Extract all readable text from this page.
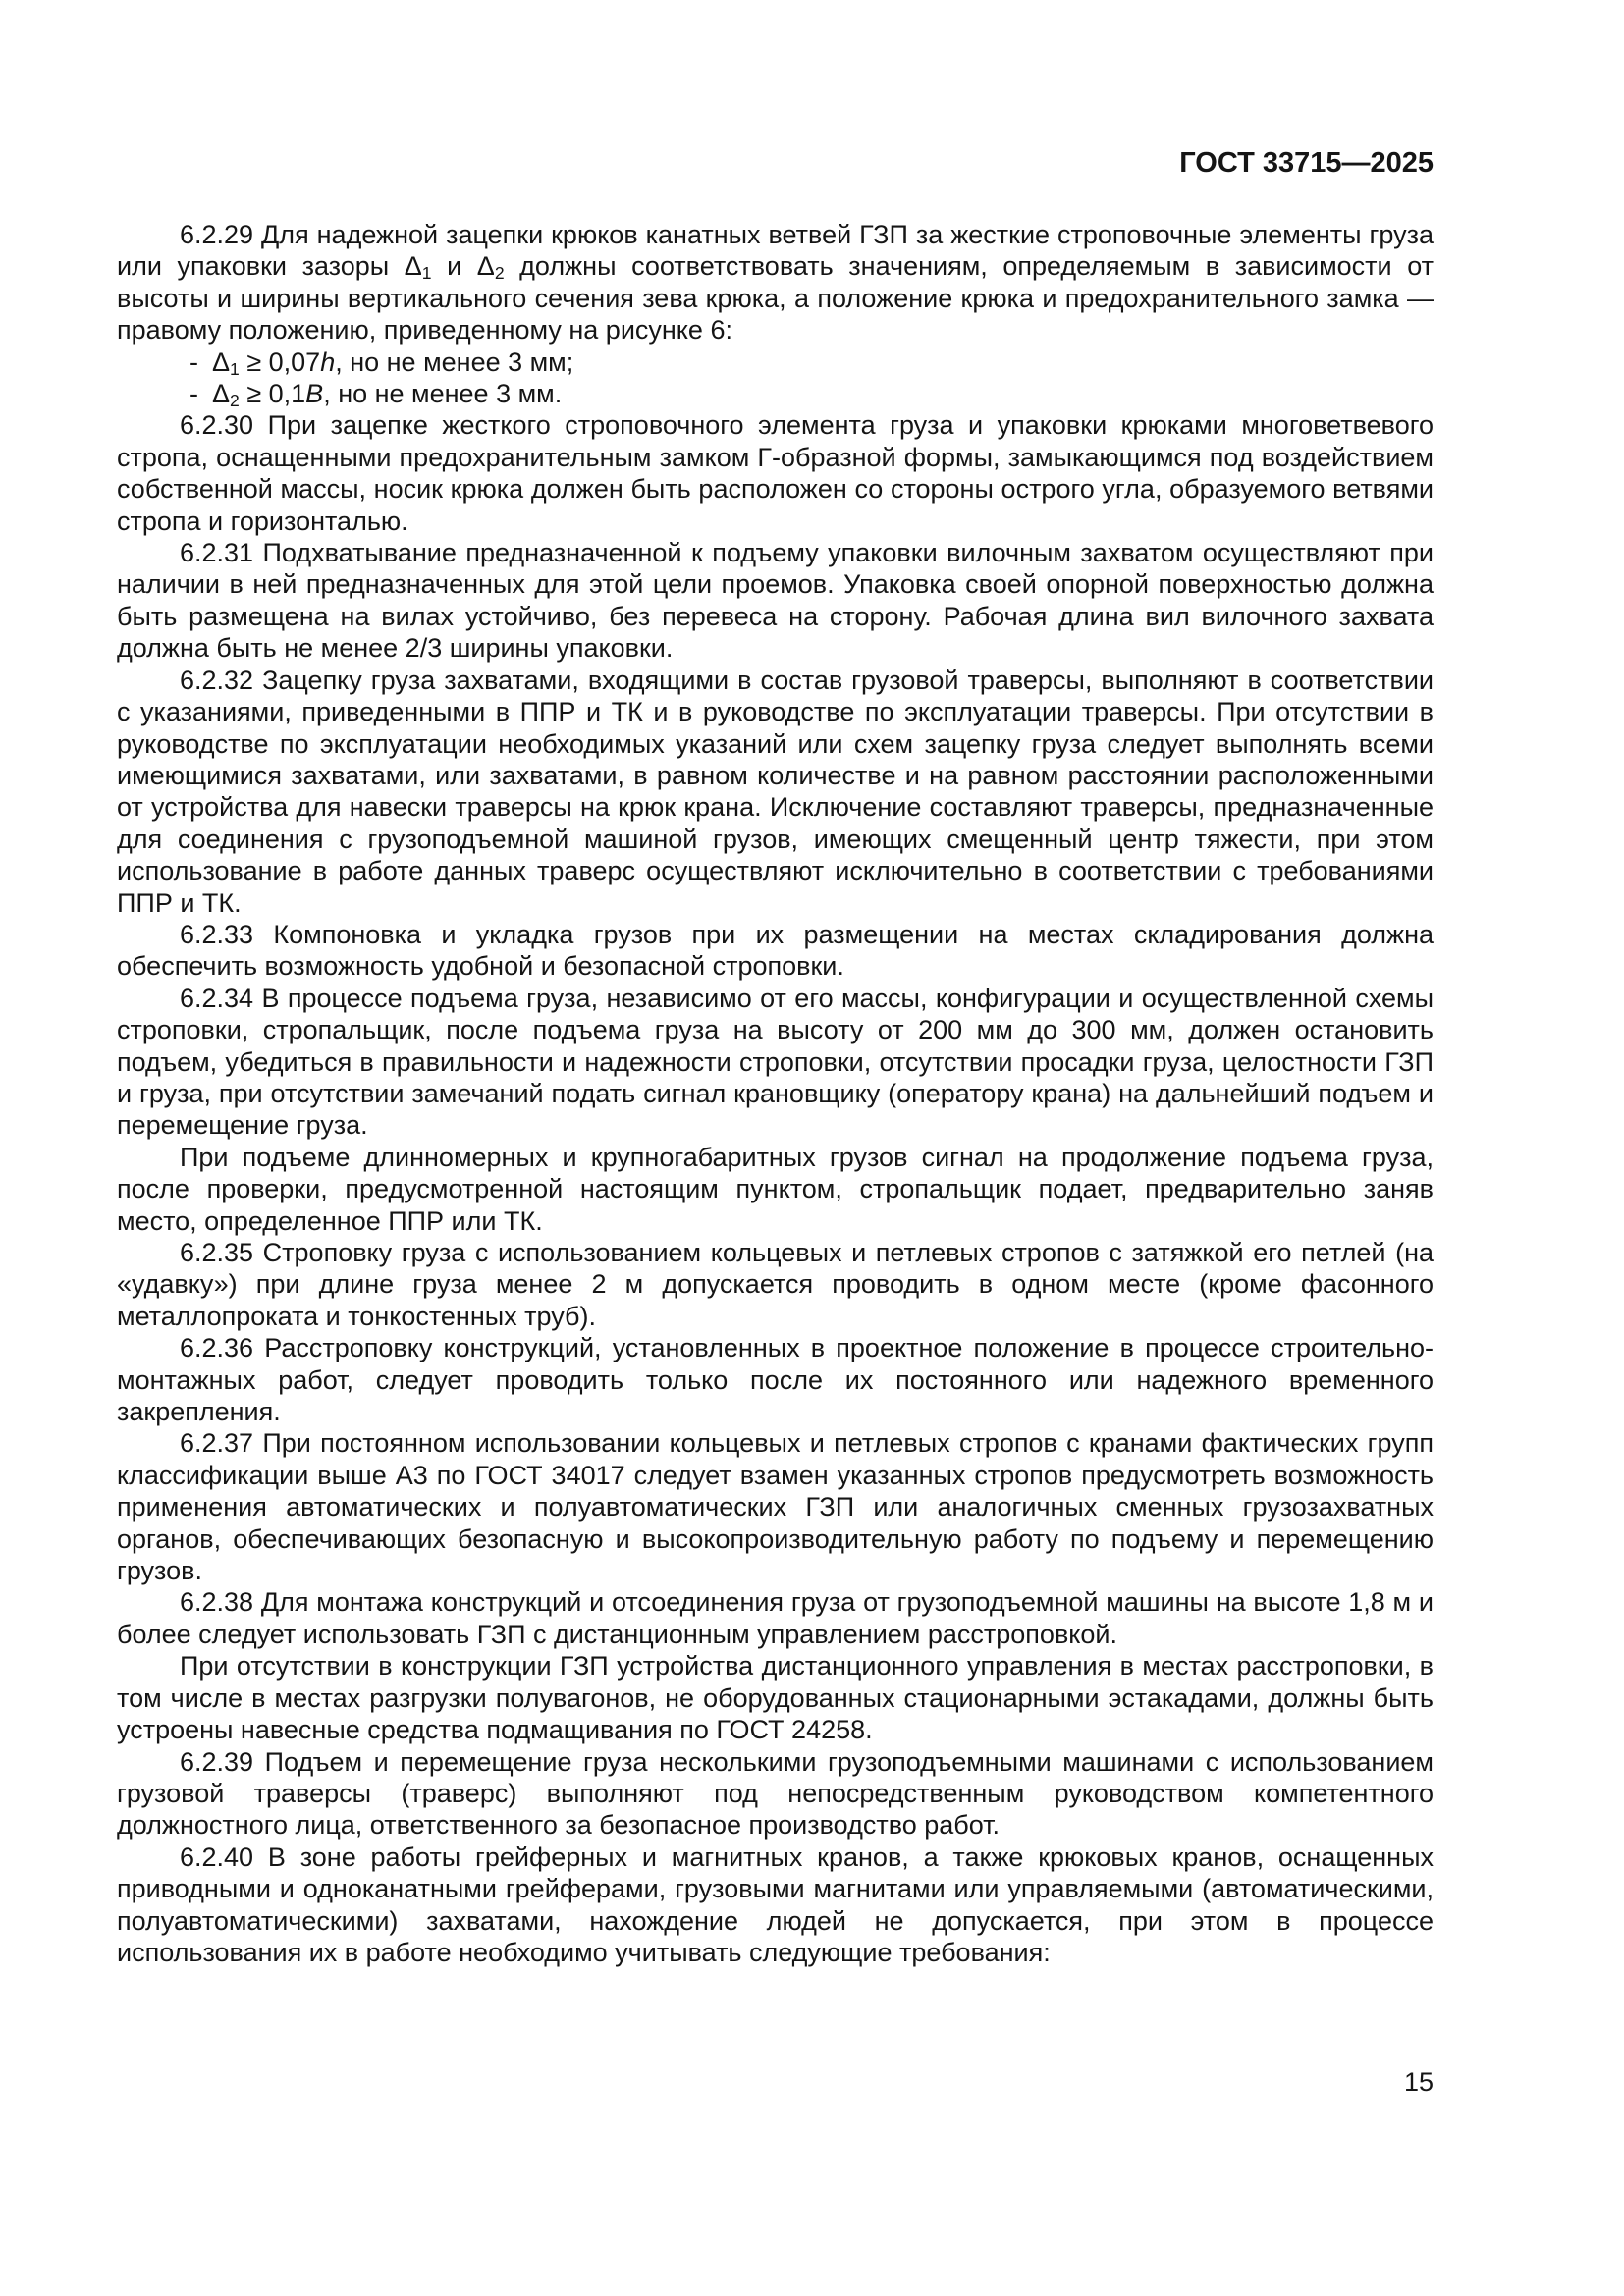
ГОСТ 33715—2025

6.2.29 Для надежной зацепки крюков канатных ветвей ГЗП за жесткие строповочные элементы груза или упаковки зазоры $\Delta_1$ и $\Delta_2$ должны соответствовать значениям, определяемым в зависимости от высоты и ширины вертикального сечения зева крюка, а положение крюка и предохранительного замка — правому положению, приведенному на рисунке 6:

- $\Delta_1 \ge 0,07h$, но не менее 3 мм;

- $\Delta_2 \ge 0,1B$, но не менее 3 мм.

6.2.30 При зацепке жесткого строповочного элемента груза и упаковки крюками многоветвевого стропа, оснащенными предохранительным замком Г-образной формы, замыкающимся под воздействием собственной массы, носик крюка должен быть расположен со стороны острого угла, образуемого ветвями стропа и горизонталью.

6.2.31 Подхватывание предназначенной к подъему упаковки вилочным захватом осуществляют при наличии в ней предназначенных для этой цели проемов. Упаковка своей опорной поверхностью должна быть размещена на вилах устойчиво, без перевеса на сторону. Рабочая длина вил вилочного захвата должна быть не менее 2/3 ширины упаковки.

6.2.32 Зацепку груза захватами, входящими в состав грузовой траверсы, выполняют в соответствии с указаниями, приведенными в ППР и ТК и в руководстве по эксплуатации траверсы. При отсутствии в руководстве по эксплуатации необходимых указаний или схем зацепку груза следует выполнять всеми имеющимися захватами, или захватами, в равном количестве и на равном расстоянии расположенными от устройства для навески траверсы на крюк крана. Исключение составляют траверсы, предназначенные для соединения с грузоподъемной машиной грузов, имеющих смещенный центр тяжести, при этом использование в работе данных траверс осуществляют исключительно в соответствии с требованиями ППР и ТК.

6.2.33 Компоновка и укладка грузов при их размещении на местах складирования должна обеспечить возможность удобной и безопасной строповки.

6.2.34 В процессе подъема груза, независимо от его массы, конфигурации и осуществленной схемы строповки, стропальщик, после подъема груза на высоту от 200 мм до 300 мм, должен остановить подъем, убедиться в правильности и надежности строповки, отсутствии просадки груза, целостности ГЗП и груза, при отсутствии замечаний подать сигнал крановщику (оператору крана) на дальнейший подъем и перемещение груза.

При подъеме длинномерных и крупногабаритных грузов сигнал на продолжение подъема груза, после проверки, предусмотренной настоящим пунктом, стропальщик подает, предварительно заняв место, определенное ППР или ТК.

6.2.35 Строповку груза с использованием кольцевых и петлевых стропов с затяжкой его петлей (на «удавку») при длине груза менее 2 м допускается проводить в одном месте (кроме фасонного металлопроката и тонкостенных труб).

6.2.36 Расстроповку конструкций, установленных в проектное положение в процессе строительно-монтажных работ, следует проводить только после их постоянного или надежного временного закрепления.

6.2.37 При постоянном использовании кольцевых и петлевых стропов с кранами фактических групп классификации выше А3 по ГОСТ 34017 следует взамен указанных стропов предусмотреть возможность применения автоматических и полуавтоматических ГЗП или аналогичных сменных грузозахватных органов, обеспечивающих безопасную и высокопроизводительную работу по подъему и перемещению грузов.

6.2.38 Для монтажа конструкций и отсоединения груза от грузоподъемной машины на высоте 1,8 м и более следует использовать ГЗП с дистанционным управлением расстроповкой.

При отсутствии в конструкции ГЗП устройства дистанционного управления в местах расстроповки, в том числе в местах разгрузки полувагонов, не оборудованных стационарными эстакадами, должны быть устроены навесные средства подмащивания по ГОСТ 24258.

6.2.39 Подъем и перемещение груза несколькими грузоподъемными машинами с использованием грузовой траверсы (траверс) выполняют под непосредственным руководством компетентного должностного лица, ответственного за безопасное производство работ.

6.2.40 В зоне работы грейферных и магнитных кранов, а также крюковых кранов, оснащенных приводными и одноканатными грейферами, грузовыми магнитами или управляемыми (автоматическими, полуавтоматическими) захватами, нахождение людей не допускается, при этом в процессе использования их в работе необходимо учитывать следующие требования:

15
